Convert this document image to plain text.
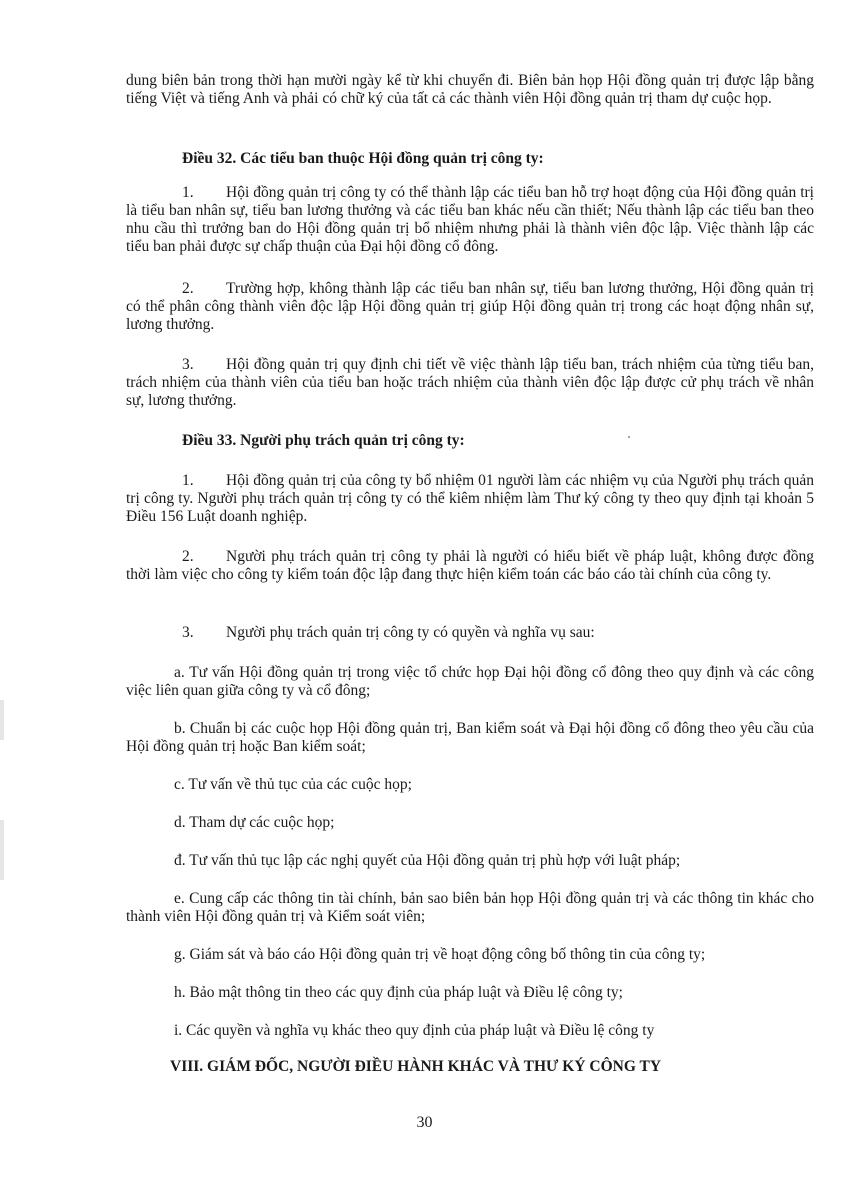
dung biên bản trong thời hạn mười ngày kể từ khi chuyển đi. Biên bản họp Hội đồng quản trị được lập bằng tiếng Việt và tiếng Anh và phải có chữ ký của tất cả các thành viên Hội đồng quản trị tham dự cuộc họp.

Điều 32. Các tiểu ban thuộc Hội đồng quản trị công ty:

1. Hội đồng quản trị công ty có thể thành lập các tiểu ban hỗ trợ hoạt động của Hội đồng quản trị là tiểu ban nhân sự, tiểu ban lương thưởng và các tiểu ban khác nếu cần thiết; Nếu thành lập các tiểu ban theo nhu cầu thì trưởng ban do Hội đồng quản trị bổ nhiệm nhưng phải là thành viên độc lập. Việc thành lập các tiểu ban phải được sự chấp thuận của Đại hội đồng cổ đông.

2. Trường hợp, không thành lập các tiểu ban nhân sự, tiểu ban lương thưởng, Hội đồng quản trị có thể phân công thành viên độc lập Hội đồng quản trị giúp Hội đồng quản trị trong các hoạt động nhân sự, lương thưởng.

3. Hội đồng quản trị quy định chi tiết về việc thành lập tiểu ban, trách nhiệm của từng tiểu ban, trách nhiệm của thành viên của tiểu ban hoặc trách nhiệm của thành viên độc lập được cử phụ trách về nhân sự, lương thưởng.

Điều 33. Người phụ trách quản trị công ty:

1. Hội đồng quản trị của công ty bổ nhiệm 01 người làm các nhiệm vụ của Người phụ trách quản trị công ty. Người phụ trách quản trị công ty có thể kiêm nhiệm làm Thư ký công ty theo quy định tại khoản 5 Điều 156 Luật doanh nghiệp.

2. Người phụ trách quản trị công ty phải là người có hiểu biết về pháp luật, không được đồng thời làm việc cho công ty kiểm toán độc lập đang thực hiện kiểm toán các báo cáo tài chính của công ty.

3. Người phụ trách quản trị công ty có quyền và nghĩa vụ sau:

a. Tư vấn Hội đồng quản trị trong việc tổ chức họp Đại hội đồng cổ đông theo quy định và các công việc liên quan giữa công ty và cổ đông;

b. Chuẩn bị các cuộc họp Hội đồng quản trị, Ban kiểm soát và Đại hội đồng cổ đông theo yêu cầu của Hội đồng quản trị hoặc Ban kiểm soát;

c. Tư vấn về thủ tục của các cuộc họp;

d. Tham dự các cuộc họp;

đ. Tư vấn thủ tục lập các nghị quyết của Hội đồng quản trị phù hợp với luật pháp;

e. Cung cấp các thông tin tài chính, bản sao biên bản họp Hội đồng quản trị và các thông tin khác cho thành viên Hội đồng quản trị và Kiểm soát viên;

g. Giám sát và báo cáo Hội đồng quản trị về hoạt động công bố thông tin của công ty;

h. Bảo mật thông tin theo các quy định của pháp luật và Điều lệ công ty;

i. Các quyền và nghĩa vụ khác theo quy định của pháp luật và Điều lệ công ty

VIII. GIÁM ĐỐC, NGƯỜI ĐIỀU HÀNH KHÁC VÀ THƯ KÝ CÔNG TY

30
